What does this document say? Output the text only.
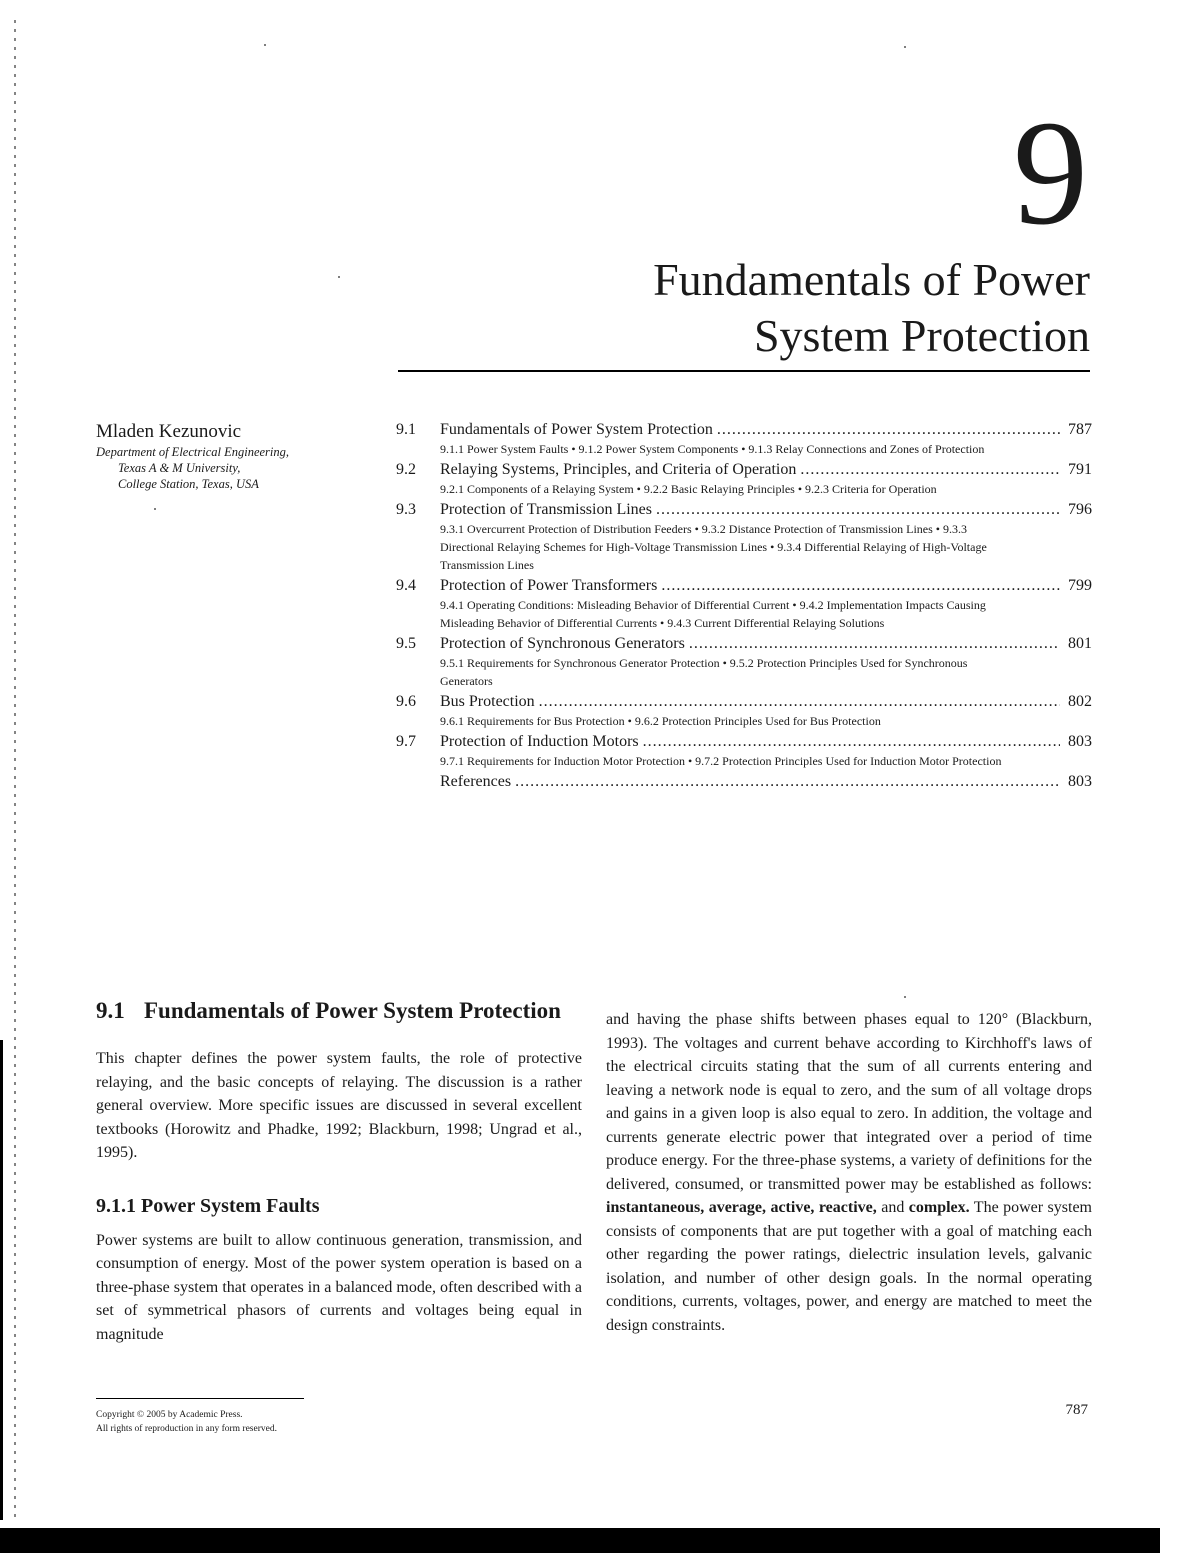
9
Fundamentals of Power
System Protection
Mladen Kezunovic
Department of Electrical Engineering,
Texas A & M University,
College Station, Texas, USA
9.1	Fundamentals of Power System Protection .....	787
9.1.1 Power System Faults • 9.1.2 Power System Components • 9.1.3 Relay Connections and Zones of Protection
9.2	Relaying Systems, Principles, and Criteria of Operation .....	791
9.2.1 Components of a Relaying System • 9.2.2 Basic Relaying Principles • 9.2.3 Criteria for Operation
9.3	Protection of Transmission Lines .....	796
9.3.1 Overcurrent Protection of Distribution Feeders • 9.3.2 Distance Protection of Transmission Lines • 9.3.3 Directional Relaying Schemes for High-Voltage Transmission Lines • 9.3.4 Differential Relaying of High-Voltage Transmission Lines
9.4	Protection of Power Transformers .....	799
9.4.1 Operating Conditions: Misleading Behavior of Differential Current • 9.4.2 Implementation Impacts Causing Misleading Behavior of Differential Currents • 9.4.3 Current Differential Relaying Solutions
9.5	Protection of Synchronous Generators .....	801
9.5.1 Requirements for Synchronous Generator Protection • 9.5.2 Protection Principles Used for Synchronous Generators
9.6	Bus Protection .....	802
9.6.1 Requirements for Bus Protection • 9.6.2 Protection Principles Used for Bus Protection
9.7	Protection of Induction Motors .....	803
9.7.1 Requirements for Induction Motor Protection • 9.7.2 Protection Principles Used for Induction Motor Protection
References .....	803
9.1 Fundamentals of Power System Protection

This chapter defines the power system faults, the role of protective relaying, and the basic concepts of relaying. The discussion is a rather general overview. More specific issues are discussed in several excellent textbooks (Horowitz and Phadke, 1992; Blackburn, 1998; Ungrad et al., 1995).

9.1.1 Power System Faults

Power systems are built to allow continuous generation, transmission, and consumption of energy. Most of the power system operation is based on a three-phase system that operates in a balanced mode, often described with a set of symmetrical phasors of currents and voltages being equal in magnitude

and having the phase shifts between phases equal to 120° (Blackburn, 1993). The voltages and current behave according to Kirchhoff's laws of the electrical circuits stating that the sum of all currents entering and leaving a network node is equal to zero, and the sum of all voltage drops and gains in a given loop is also equal to zero. In addition, the voltage and currents generate electric power that integrated over a period of time produce energy. For the three-phase systems, a variety of definitions for the delivered, consumed, or transmitted power may be established as follows: instantaneous, average, active, reactive, and complex. The power system consists of components that are put together with a goal of matching each other regarding the power ratings, dielectric insulation levels, galvanic isolation, and number of other design goals. In the normal operating conditions, currents, voltages, power, and energy are matched to meet the design constraints.

Copyright © 2005 by Academic Press.
All rights of reproduction in any form reserved.
787
